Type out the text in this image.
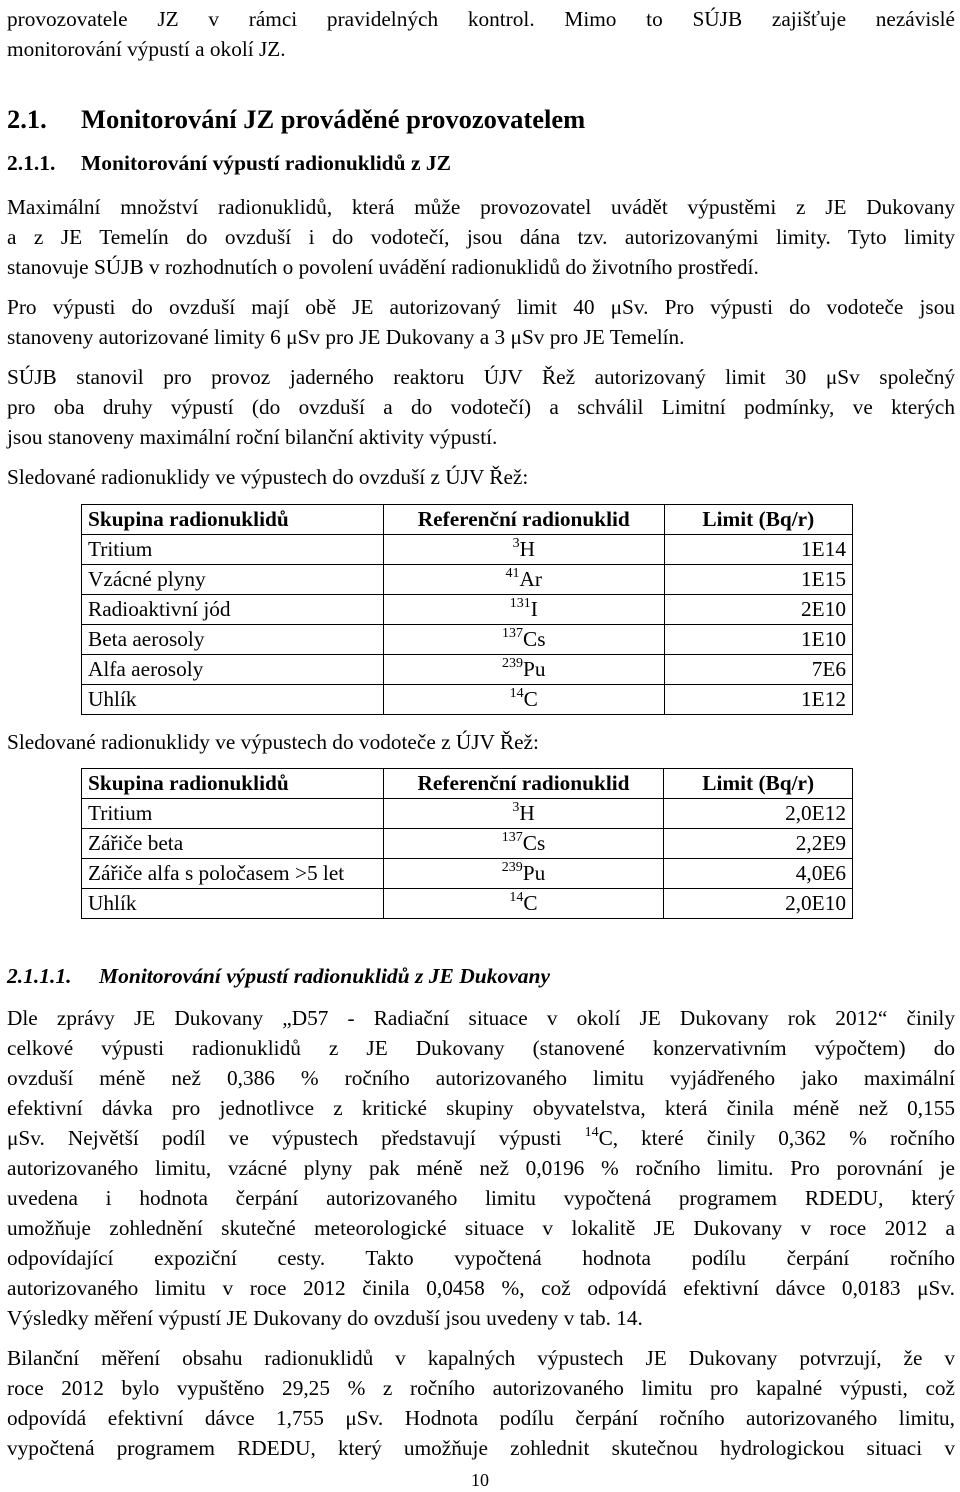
provozovatele JZ v rámci pravidelných kontrol. Mimo to SÚJB zajišťuje nezávislé

monitorování výpustí a okolí JZ.

2.1. Monitorování JZ prováděné provozovatelem
2.1.1. Monitorování výpustí radionuklidů z JZ

Maximální množství radionuklidů, která může provozovatel uvádět výpustěmi z JE Dukovany

a z JE Temelín do ovzduší i do vodotečí, jsou dána tzv. autorizovanými limity. Tyto limity

stanovuje SÚJB v rozhodnutích o povolení uvádění radionuklidů do životního prostředí.

Pro výpusti do ovzduší mají obě JE autorizovaný limit 40 μSv. Pro výpusti do vodoteče jsou

stanoveny autorizované limity 6 μSv pro JE Dukovany a 3 μSv pro JE Temelín.

SÚJB stanovil pro provoz jaderného reaktoru ÚJV Řež autorizovaný limit 30 μSv společný

pro oba druhy výpustí (do ovzduší a do vodotečí) a schválil Limitní podmínky, ve kterých

jsou stanoveny maximální roční bilanční aktivity výpustí.

Sledované radionuklidy ve výpustech do ovzduší z ÚJV Řež:

Skupina radionuklidů	Referenční radionuklid	Limit (Bq/r)
Tritium	$^3$H	1E14
Vzácné plyny	$^{41}$Ar	1E15
Radioaktivní jód	$^{131}$I	2E10
Beta aerosoly	$^{137}$Cs	1E10
Alfa aerosoly	$^{239}$Pu	7E6
Uhlík	$^{14}$C	1E12

Sledované radionuklidy ve výpustech do vodoteče z ÚJV Řež:

Skupina radionuklidů	Referenční radionuklid	Limit (Bq/r)
Tritium	$^3$H	2,0E12
Zářiče beta	$^{137}$Cs	2,2E9
Zářiče alfa s poločasem >5 let	$^{239}$Pu	4,0E6
Uhlík	$^{14}$C	2,0E10
2.1.1.1. Monitorování výpustí radionuklidů z JE Dukovany

Dle zprávy JE Dukovany „D57 - Radiační situace v okolí JE Dukovany rok 2012“ činily

celkové výpusti radionuklidů z JE Dukovany (stanovené konzervativním výpočtem) do

ovzduší méně než 0,386 % ročního autorizovaného limitu vyjádřeného jako maximální

efektivní dávka pro jednotlivce z kritické skupiny obyvatelstva, která činila méně než 0,155

μSv. Největší podíl ve výpustech představují výpusti $^{14}$C, které činily 0,362 % ročního

autorizovaného limitu, vzácné plyny pak méně než 0,0196 % ročního limitu. Pro porovnání je

uvedena i hodnota čerpání autorizovaného limitu vypočtená programem RDEDU, který

umožňuje zohlednění skutečné meteorologické situace v lokalitě JE Dukovany v roce 2012 a

odpovídající expoziční cesty. Takto vypočtená hodnota podílu čerpání ročního

autorizovaného limitu v roce 2012 činila 0,0458 %, což odpovídá efektivní dávce 0,0183 μSv.

Výsledky měření výpustí JE Dukovany do ovzduší jsou uvedeny v tab. 14.

Bilanční měření obsahu radionuklidů v kapalných výpustech JE Dukovany potvrzují, že v

roce 2012 bylo vypuštěno 29,25 % z ročního autorizovaného limitu pro kapalné výpusti, což

odpovídá efektivní dávce 1,755 μSv. Hodnota podílu čerpání ročního autorizovaného limitu,

vypočtená programem RDEDU, který umožňuje zohlednit skutečnou hydrologickou situaci v

10
